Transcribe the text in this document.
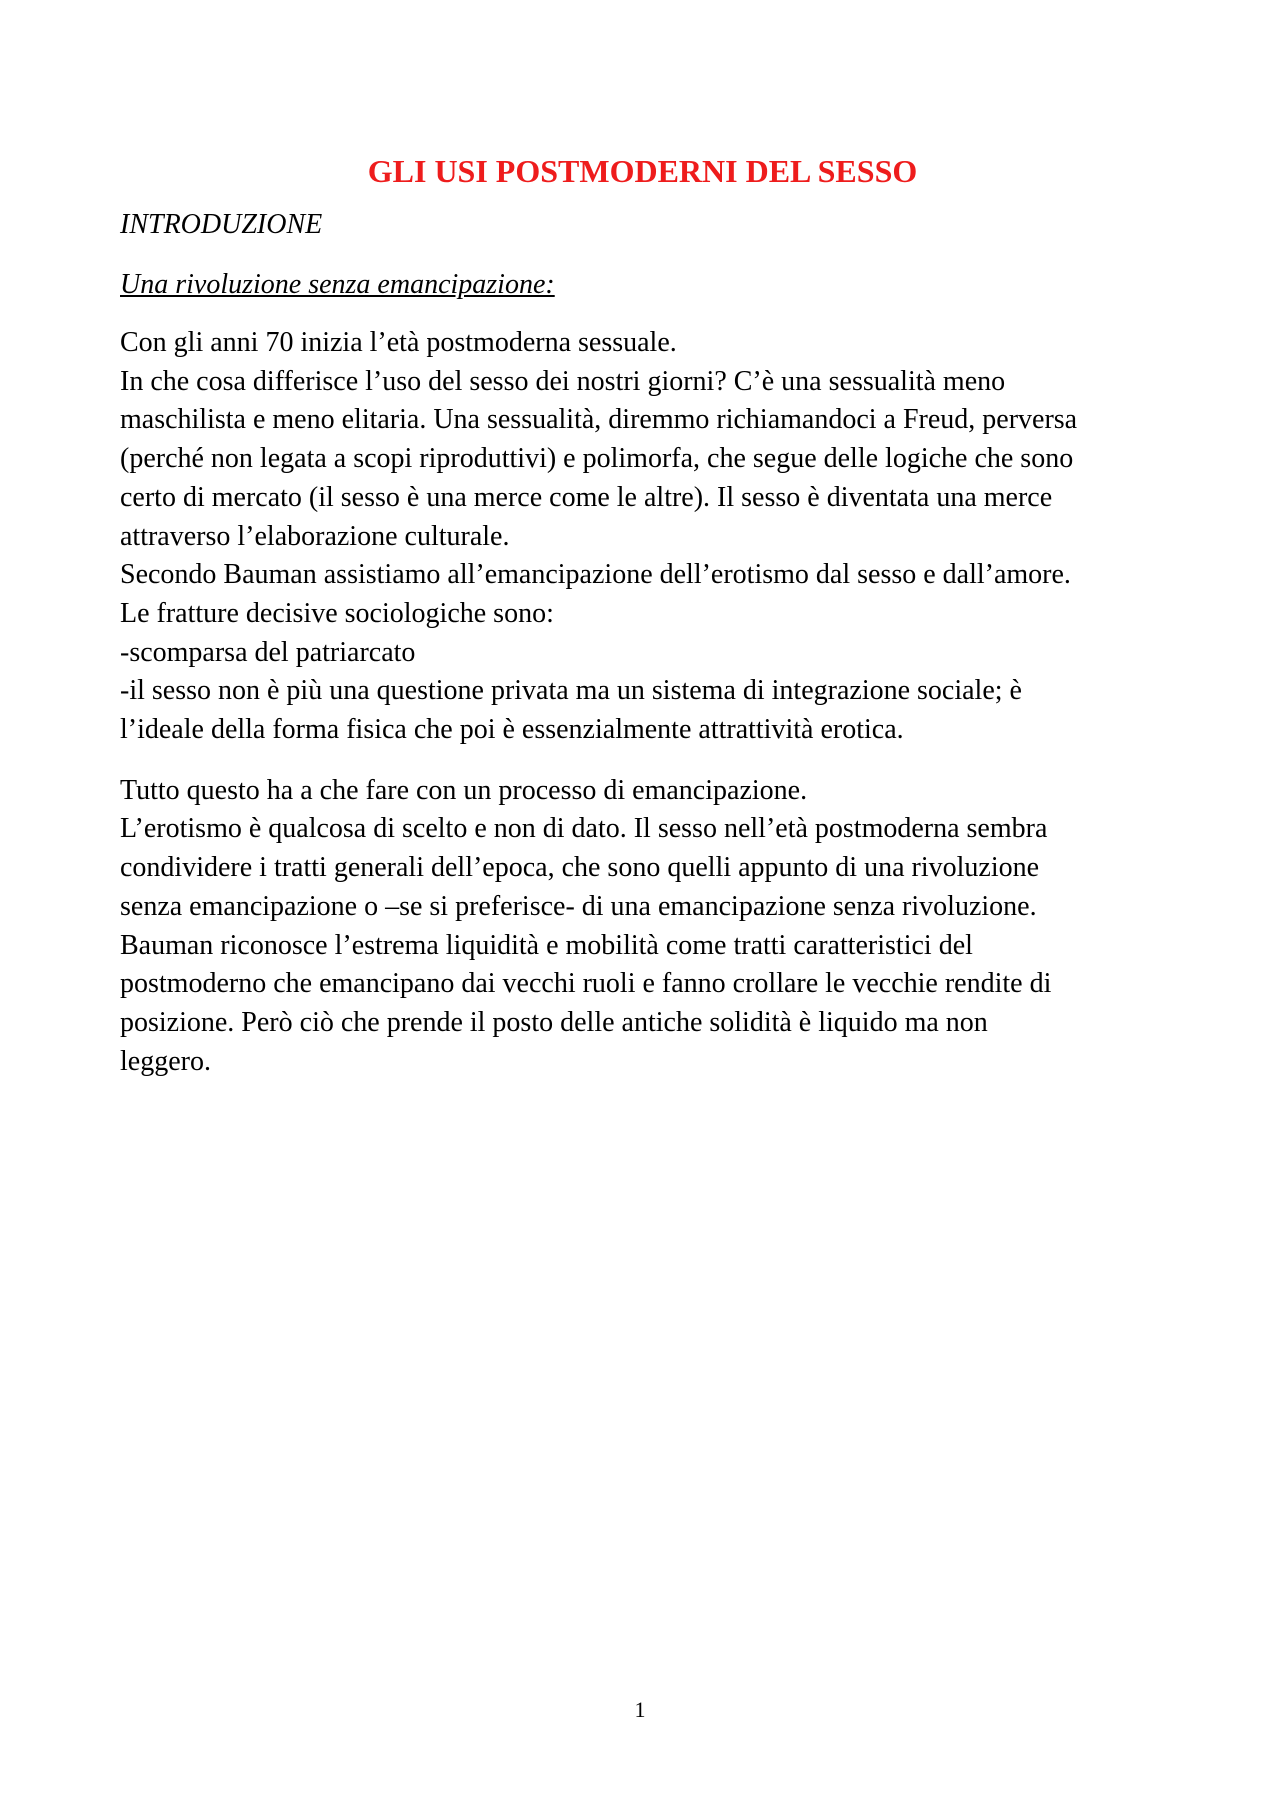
GLI USI POSTMODERNI DEL SESSO

INTRODUZIONE

Una rivoluzione senza emancipazione:

Con gli anni 70 inizia l’età postmoderna sessuale.
In che cosa differisce l’uso del sesso dei nostri giorni? C’è una sessualità meno
maschilista e meno elitaria. Una sessualità, diremmo richiamandoci a Freud, perversa
(perché non legata a scopi riproduttivi) e polimorfa, che segue delle logiche che sono
certo di mercato (il sesso è una merce come le altre). Il sesso è diventata una merce
attraverso l’elaborazione culturale.
Secondo Bauman assistiamo all’emancipazione dell’erotismo dal sesso e dall’amore.
Le fratture decisive sociologiche sono:
-scomparsa del patriarcato
-il sesso non è più una questione privata ma un sistema di integrazione sociale; è
l’ideale della forma fisica che poi è essenzialmente attrattività erotica.

Tutto questo ha a che fare con un processo di emancipazione.
L’erotismo è qualcosa di scelto e non di dato. Il sesso nell’età postmoderna sembra
condividere i tratti generali dell’epoca, che sono quelli appunto di una rivoluzione
senza emancipazione o –se si preferisce- di una emancipazione senza rivoluzione.
Bauman riconosce l’estrema liquidità e mobilità come tratti caratteristici del
postmoderno che emancipano dai vecchi ruoli e fanno crollare le vecchie rendite di
posizione. Però ciò che prende il posto delle antiche solidità è liquido ma non
leggero.

1
